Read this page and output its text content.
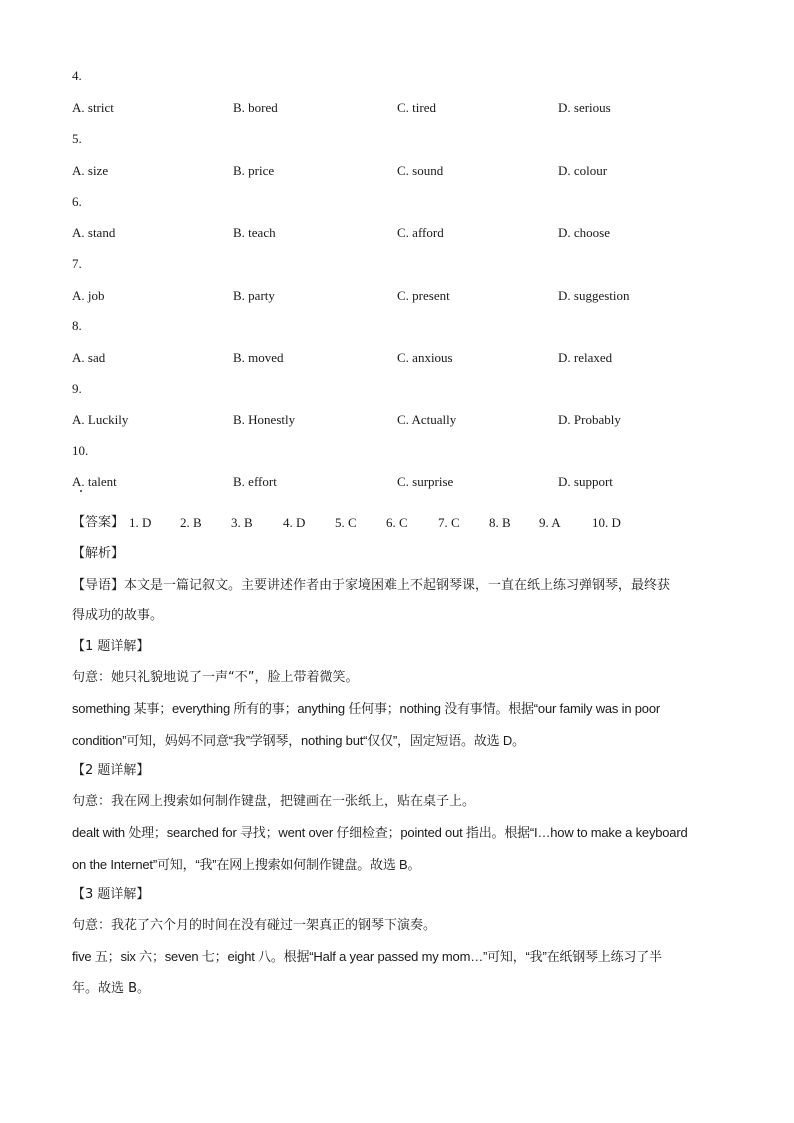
4.
A. strict	B. bored	C. tired	D. serious
5.
A. size	B. price	C. sound	D. colour
6.
A. stand	B. teach	C. afford	D. choose
7.
A. job	B. party	C. present	D. suggestion
8.
A. sad	B. moved	C. anxious	D. relaxed
9.
A. Luckily	B. Honestly	C. Actually	D. Probably
10.
A. talent	B. effort	C. surprise	D. support
【答案】 1. D 2. B 3. B 4. D 5. C 6. C 7. C 8. B 9. A 10. D
【解析】
【导语】本文是一篇记叙文。主要讲述作者由于家境困难上不起钢琴课，一直在纸上练习弹钢琴，最终获
得成功的故事。
【1 题详解】
句意：她只礼貌地说了一声“不”，脸上带着微笑。
something 某事；everything 所有的事；anything 任何事；nothing 没有事情。根据“our family was in poor
condition”可知，妈妈不同意“我”学钢琴，nothing but“仅仅”，固定短语。故选 D。
【2 题详解】
句意：我在网上搜索如何制作键盘，把键画在一张纸上，贴在桌子上。
dealt with 处理；searched for 寻找；went over 仔细检查；pointed out 指出。根据“I…how to make a keyboard
on the Internet”可知，“我”在网上搜索如何制作键盘。故选 B。
【3 题详解】
句意：我花了六个月的时间在没有碰过一架真正的钢琴下演奏。
five 五；six 六；seven 七；eight 八。根据“Half a year passed my mom…”可知，“我”在纸钢琴上练习了半
年。故选 B。
